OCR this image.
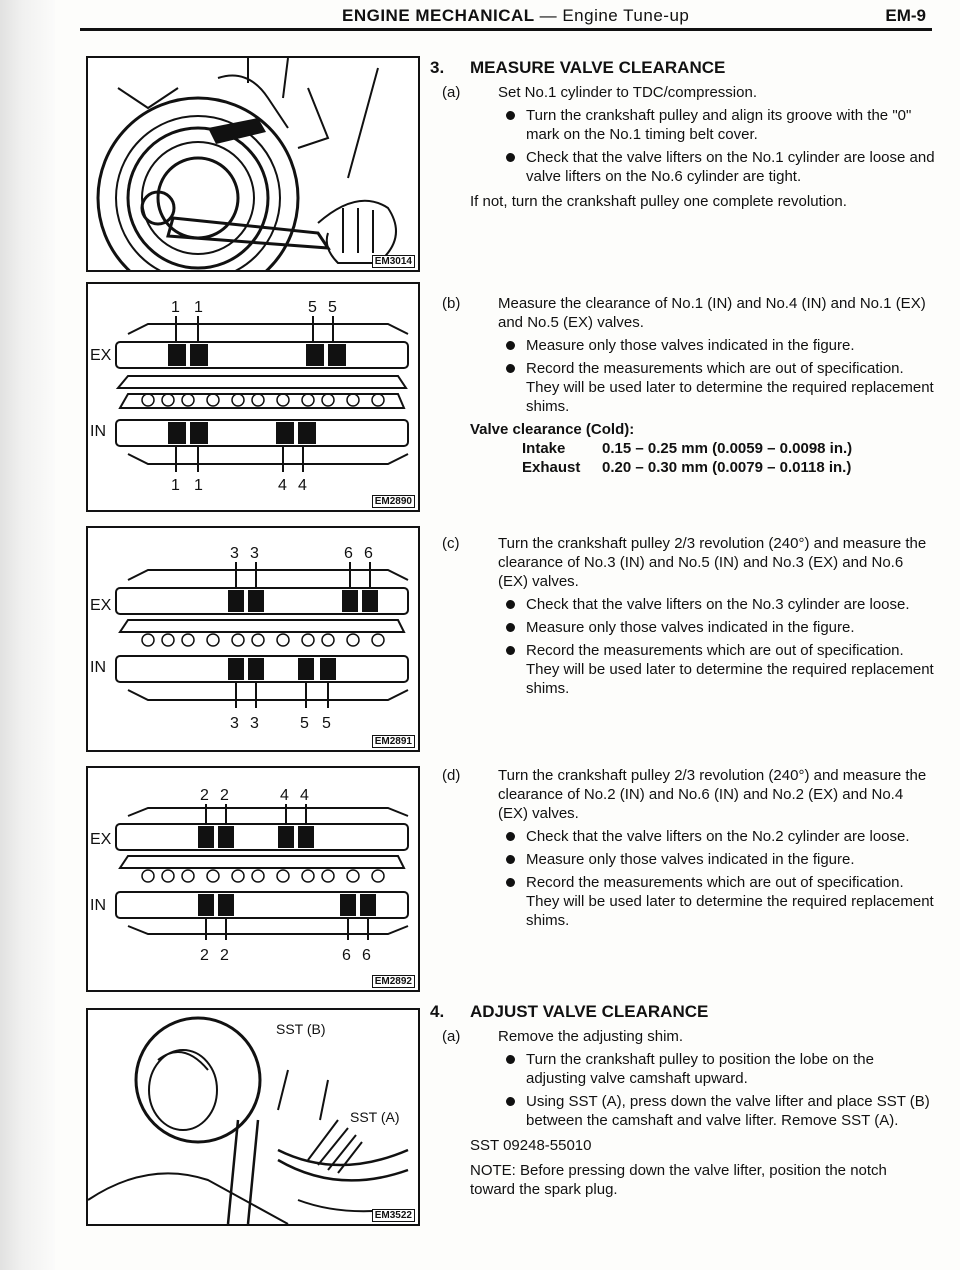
ENGINE MECHANICAL — Engine Tune-up	EM-9
EM3014
1 1	5 5
1 1	4 4
EX
IN
EM2890
3 3	6 6
3 3	5 5
EX
IN
EM2891
2 2	4 4
2 2	6 6
EX
IN
EM2892
SST (B)
SST (A)
EM3522
3. MEASURE VALVE CLEARANCE
(a)	Set No.1 cylinder to TDC/compression.
Turn the crankshaft pulley and align its groove with the "0" mark on the No.1 timing belt cover.
Check that the valve lifters on the No.1 cylinder are loose and valve lifters on the No.6 cylinder are tight.
If not, turn the crankshaft pulley one complete revolution.
(b)	Measure the clearance of No.1 (IN) and No.4 (IN) and No.1 (EX) and No.5 (EX) valves.
Measure only those valves indicated in the figure.
Record the measurements which are out of specification. They will be used later to determine the required replacement shims.
Valve clearance (Cold):
Intake 0.15 – 0.25 mm (0.0059 – 0.0098 in.)
Exhaust 0.20 – 0.30 mm (0.0079 – 0.0118 in.)
(c)	Turn the crankshaft pulley 2/3 revolution (240°) and measure the clearance of No.3 (IN) and No.5 (IN) and No.3 (EX) and No.6 (EX) valves.
Check that the valve lifters on the No.3 cylinder are loose.
Measure only those valves indicated in the figure.
Record the measurements which are out of specification. They will be used later to determine the required replacement shims.
(d)	Turn the crankshaft pulley 2/3 revolution (240°) and measure the clearance of No.2 (IN) and No.6 (IN) and No.2 (EX) and No.4 (EX) valves.
Check that the valve lifters on the No.2 cylinder are loose.
Measure only those valves indicated in the figure.
Record the measurements which are out of specification. They will be used later to determine the required replacement shims.
4. ADJUST VALVE CLEARANCE
(a)	Remove the adjusting shim.
Turn the crankshaft pulley to position the lobe on the adjusting valve camshaft upward.
Using SST (A), press down the valve lifter and place SST (B) between the camshaft and valve lifter. Remove SST (A).
SST 09248-55010
NOTE: Before pressing down the valve lifter, position the notch toward the spark plug.
